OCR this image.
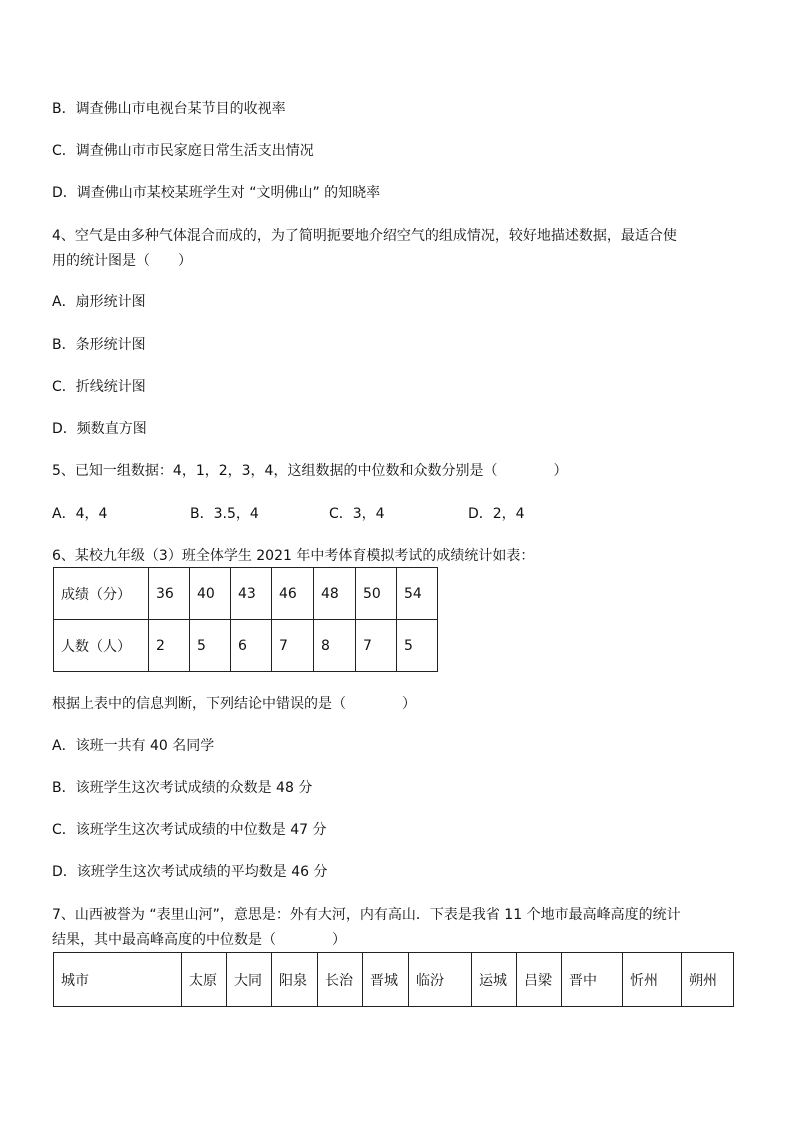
B．调查佛山市电视台某节目的收视率
C．调查佛山市市民家庭日常生活支出情况
D．调查佛山市某校某班学生对 “文明佛山” 的知晓率
4、空气是由多种气体混合而成的，为了简明扼要地介绍空气的组成情况，较好地描述数据，最适合使
用的统计图是（　　）
A．扇形统计图
B．条形统计图
C．折线统计图
D．频数直方图
5、已知一组数据：4，1，2，3，4，这组数据的中位数和众数分别是（　　　　）
A．4，4	B．3.5，4	C．3，4	D．2，4
6、某校九年级（3）班全体学生 2021 年中考体育模拟考试的成绩统计如表：
成绩（分）	36	40	43	46	48	50	54
人数（人）	2	5	6	7	8	7	5
根据上表中的信息判断，下列结论中错误的是（　　　　）
A．该班一共有 40 名同学
B．该班学生这次考试成绩的众数是 48 分
C．该班学生这次考试成绩的中位数是 47 分
D．该班学生这次考试成绩的平均数是 46 分
7、山西被誉为 “表里山河”，意思是：外有大河，内有高山．下表是我省 11 个地市最高峰高度的统计
结果，其中最高峰高度的中位数是（　　　　）
城市	太原	大同	阳泉	长治	晋城	临汾	运城	吕梁	晋中	忻州	朔州
